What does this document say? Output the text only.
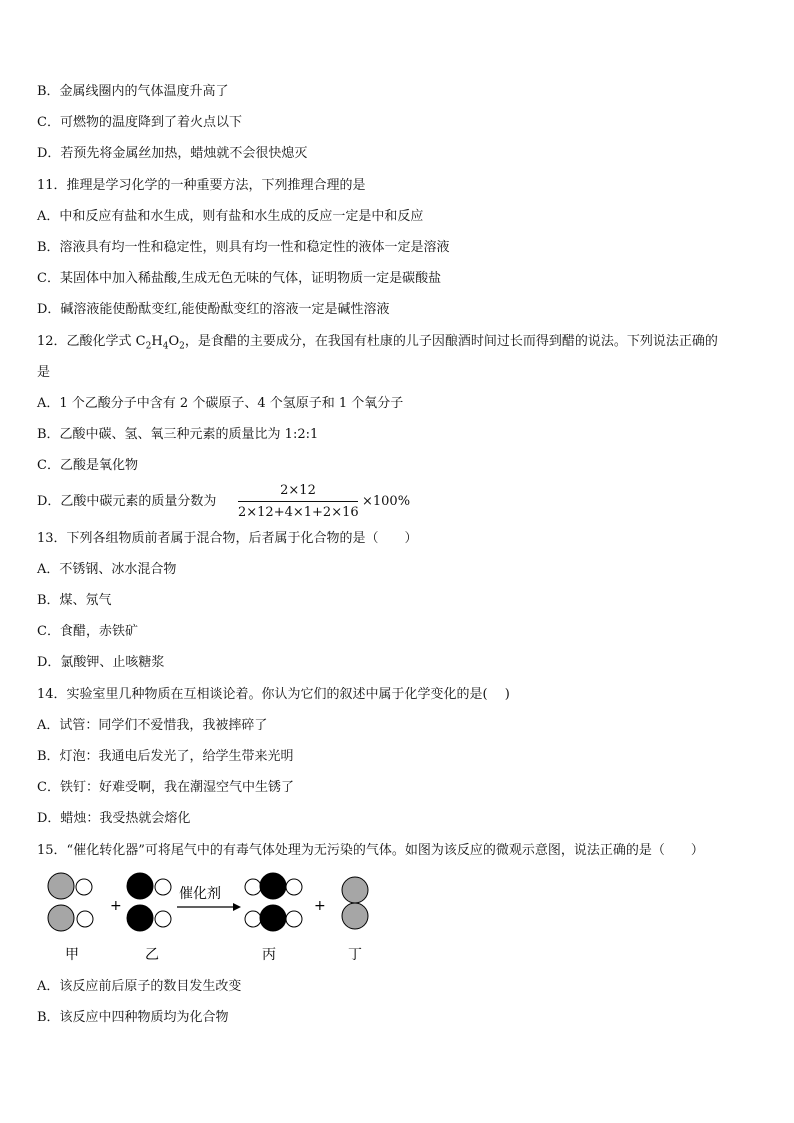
B．金属线圈内的气体温度升高了
C．可燃物的温度降到了着火点以下
D．若预先将金属丝加热，蜡烛就不会很快熄灭
11．推理是学习化学的一种重要方法，下列推理合理的是
A．中和反应有盐和水生成，则有盐和水生成的反应一定是中和反应
B．溶液具有均一性和稳定性，则具有均一性和稳定性的液体一定是溶液
C．某固体中加入稀盐酸,生成无色无味的气体，证明物质一定是碳酸盐
D．碱溶液能使酚酞变红,能使酚酞变红的溶液一定是碱性溶液
12．乙酸化学式 $C_2H_4O_2$，是食醋的主要成分，在我国有杜康的儿子因酿酒时间过长而得到醋的说法。下列说法正确的
是
A．1 个乙酸分子中含有 2 个碳原子、4 个氢原子和 1 个氧分子
B．乙酸中碳、氢、氧三种元素的质量比为 1:2:1
C．乙酸是氧化物
D．乙酸中碳元素的质量分数为
2×12
2×12+4×1+2×16
×100%
13．下列各组物质前者属于混合物，后者属于化合物的是（　　）
A．不锈钢、冰水混合物
B．煤、氖气
C．食醋，赤铁矿
D．氯酸钾、止咳糖浆
14．实验室里几种物质在互相谈论着。你认为它们的叙述中属于化学变化的是(　 )
A．试管：同学们不爱惜我，我被摔碎了
B．灯泡：我通电后发光了，给学生带来光明
C．铁钉：好难受啊，我在潮湿空气中生锈了
D．蜡烛：我受热就会熔化
15．“催化转化器”可将尾气中的有毒气体处理为无污染的气体。如图为该反应的微观示意图，说法正确的是（　　）
+
催化剂
+
甲	乙	丙	丁
A．该反应前后原子的数目发生改变
B．该反应中四种物质均为化合物
